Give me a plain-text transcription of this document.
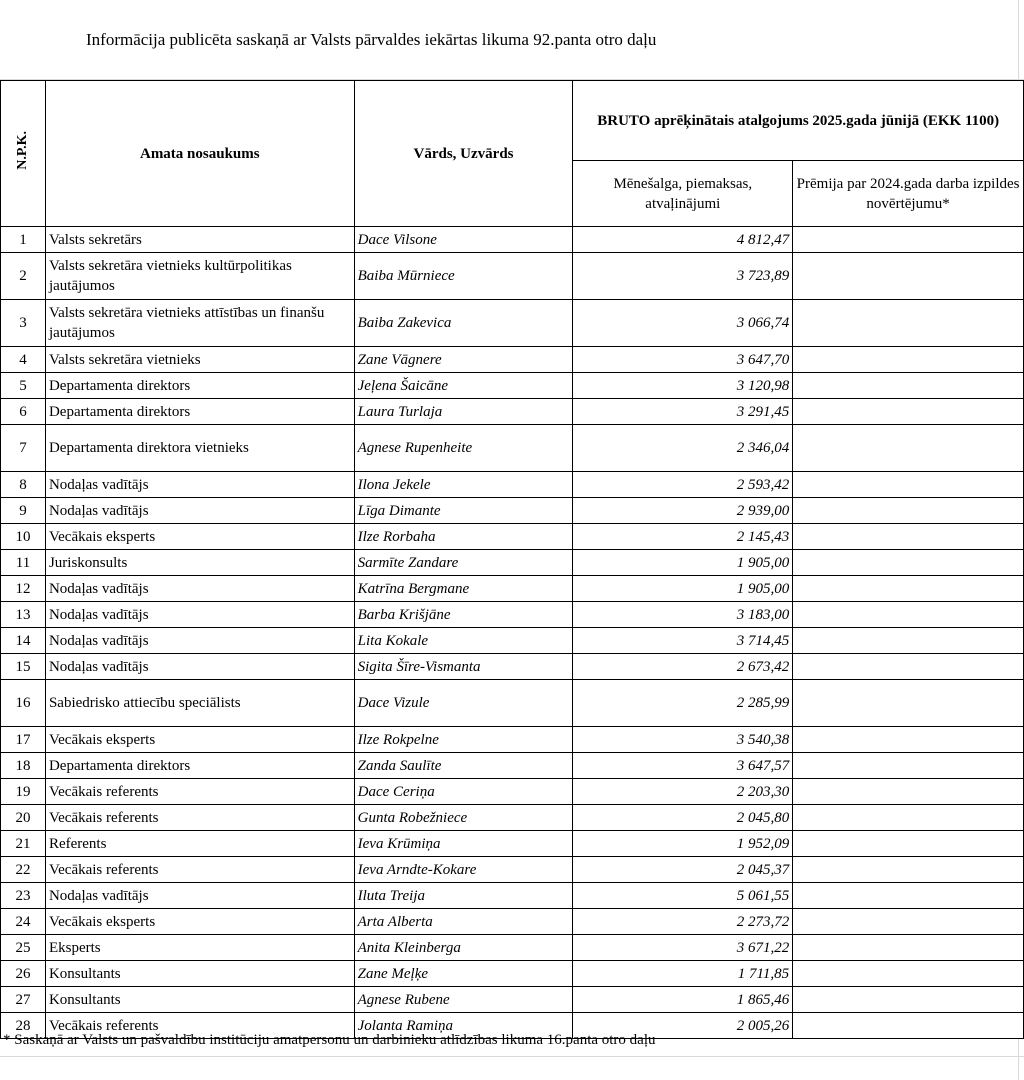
Informācija publicēta saskaņā ar Valsts pārvaldes iekārtas likuma 92.panta otro daļu
N.P.K.	Amata nosaukums	Vārds, Uzvārds	BRUTO aprēķinātais atalgojums 2025.gada jūnijā (EKK 1100)	
			Mēnešalga, piemaksas, atvaļinājumi	Prēmija par 2024.gada darba izpildes novērtējumu*
1	Valsts sekretārs	Dace Vilsone	4 812,47	
2	Valsts sekretāra vietnieks kultūrpolitikas jautājumos	Baiba Mūrniece	3 723,89	
3	Valsts sekretāra vietnieks attīstības un finanšu jautājumos	Baiba Zakevica	3 066,74	
4	Valsts sekretāra vietnieks	Zane Vāgnere	3 647,70	
5	Departamenta direktors	Jeļena Šaicāne	3 120,98	
6	Departamenta direktors	Laura Turlaja	3 291,45	
7	Departamenta direktora vietnieks	Agnese Rupenheite	2 346,04	
8	Nodaļas vadītājs	Ilona Jekele	2 593,42	
9	Nodaļas vadītājs	Līga Dimante	2 939,00	
10	Vecākais eksperts	Ilze Rorbaha	2 145,43	
11	Juriskonsults	Sarmīte Zandare	1 905,00	
12	Nodaļas vadītājs	Katrīna Bergmane	1 905,00	
13	Nodaļas vadītājs	Barba Krišjāne	3 183,00	
14	Nodaļas vadītājs	Lita Kokale	3 714,45	
15	Nodaļas vadītājs	Sigita Šīre-Vismanta	2 673,42	
16	Sabiedrisko attiecību speciālists	Dace Vizule	2 285,99	
17	Vecākais eksperts	Ilze Rokpelne	3 540,38	
18	Departamenta direktors	Zanda Saulīte	3 647,57	
19	Vecākais referents	Dace Ceriņa	2 203,30	
20	Vecākais referents	Gunta Robežniece	2 045,80	
21	Referents	Ieva Krūmiņa	1 952,09	
22	Vecākais referents	Ieva Arndte-Kokare	2 045,37	
23	Nodaļas vadītājs	Iluta Treija	5 061,55	
24	Vecākais eksperts	Arta Alberta	2 273,72	
25	Eksperts	Anita Kleinberga	3 671,22	
26	Konsultants	Zane Meļķe	1 711,85	
27	Konsultants	Agnese Rubene	1 865,46	
28	Vecākais referents	Jolanta Ramiņa	2 005,26	
* Saskaņā ar Valsts un pašvaldību institūciju amatpersonu un darbinieku atlīdzības likuma 16.panta otro daļu
